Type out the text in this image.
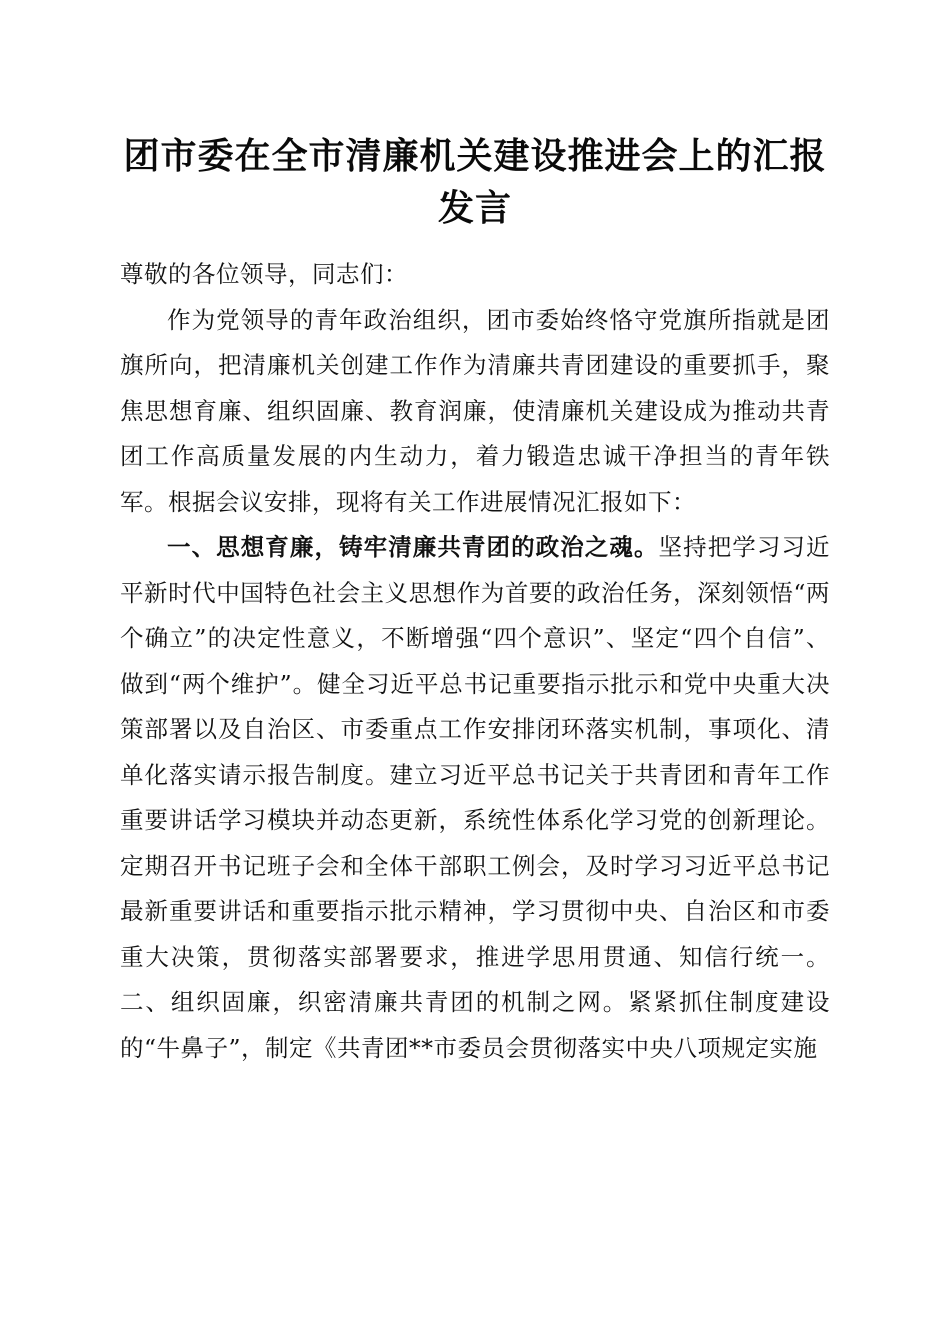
团市委在全市清廉机关建设推进会上的汇报发言

尊敬的各位领导，同志们：

作为党领导的青年政治组织，团市委始终恪守党旗所指就是团旗所向，把清廉机关创建工作作为清廉共青团建设的重要抓手，聚焦思想育廉、组织固廉、教育润廉，使清廉机关建设成为推动共青团工作高质量发展的内生动力，着力锻造忠诚干净担当的青年铁军。根据会议安排，现将有关工作进展情况汇报如下：

一、思想育廉，铸牢清廉共青团的政治之魂。坚持把学习习近平新时代中国特色社会主义思想作为首要的政治任务，深刻领悟“两个确立”的决定性意义，不断增强“四个意识”、坚定“四个自信”、做到“两个维护”。健全习近平总书记重要指示批示和党中央重大决策部署以及自治区、市委重点工作安排闭环落实机制，事项化、清单化落实请示报告制度。建立习近平总书记关于共青团和青年工作重要讲话学习模块并动态更新，系统性体系化学习党的创新理论。定期召开书记班子会和全体干部职工例会，及时学习习近平总书记最新重要讲话和重要指示批示精神，学习贯彻中央、自治区和市委重大决策，贯彻落实部署要求，推进学思用贯通、知信行统一。二、组织固廉，织密清廉共青团的机制之网。紧紧抓住制度建设的“牛鼻子”，制定《共青团**市委员会贯彻落实中央八项规定实施
